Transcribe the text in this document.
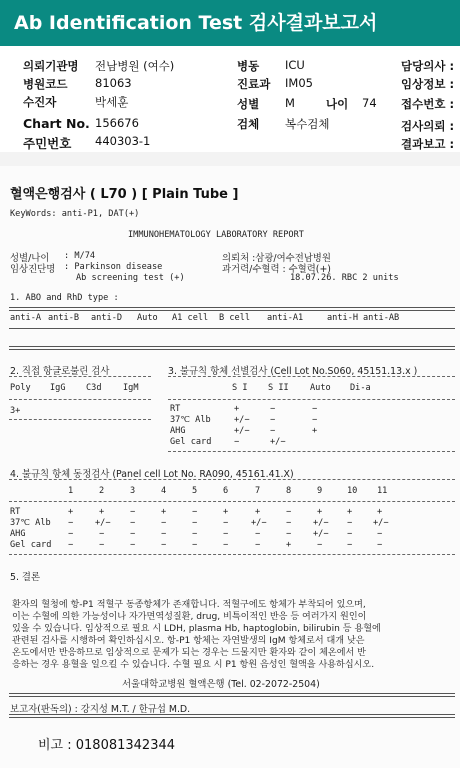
Ab Identification Test 검사결과보고서
의뢰기관명 전남병원 (여수)
병원코드 81063
수진자	박세훈
Chart No. 156676
주민번호 440303-1
병동 ICU
진료과 IM05
성별 M	나이 74
검체 복수검체
담당의사 :
임상정보 :
접수번호 :
검사의뢰 :
결과보고 :
혈액은행검사 ( L70 ) [ Plain Tube ]
KeyWords: anti-P1, DAT(+)
IMMUNOHEMATOLOGY LABORATORY REPORT
성별/나이 : M/74
임상진단명 : Parkinson disease
Ab screening test (+)
의뢰처 :삼광/여수전남병원
과거력/수혈력 : 수혈력(+)
18.07.26. RBC 2 units
1. ABO and RhD type :
anti-A anti-B anti-D Auto A1 cell B cell anti-A1	anti-H anti-AB
2. 직접 항글로불린 검사
Poly IgG C3d IgM
3+
3. 불규칙 항체 선별검사 (Cell Lot No.S060, 45151.13.x )
S I S II Auto Di-a
RT	+	−	−
37℃ Alb	+/− −	−
AHG	+/− −	+
Gel card	−	+/−
4. 불규칙 항체 동정검사 (Panel cell Lot No. RA090, 45161.41.X)
1	2	3	4	5	6	7	8	9	10 11
RT	+	+	−	+	−	+	+	−	+	+	+
37℃ Alb −	+/− −	−	−	−	+/− −	+/− − +/−
AHG	−	−	−	−	−	−	−	−	+/− −	−
Gel card −	−	−	−	−	−	−	+	−	−	−
5. 결론
환자의 혈청에 항-P1 적혈구 동종항체가 존재합니다. 적혈구에도 항체가 부착되어 있으며,
이는 수혈에 의한 가능성이나 자가면역성질환, drug, 비특이적인 반응 등 여러가지 원인이
있을 수 있습니다. 임상적으로 필요 시 LDH, plasma Hb, haptoglobin, bilirubin 등 용혈에
관련된 검사를 시행하여 확인하십시오. 항-P1 항체는 자연발생의 IgM 항체로서 대개 낮은
온도에서만 반응하므로 임상적으로 문제가 되는 경우는 드물지만 환자와 같이 체온에서 반
응하는 경우 용혈을 일으킬 수 있습니다. 수혈 필요 시 P1 항원 음성인 혈액을 사용하십시오.
서울대학교병원 혈액은행 (Tel. 02-2072-2504)
보고자(판독의) : 강지성 M.T. / 한규섭 M.D.
비고 : 018081342344
